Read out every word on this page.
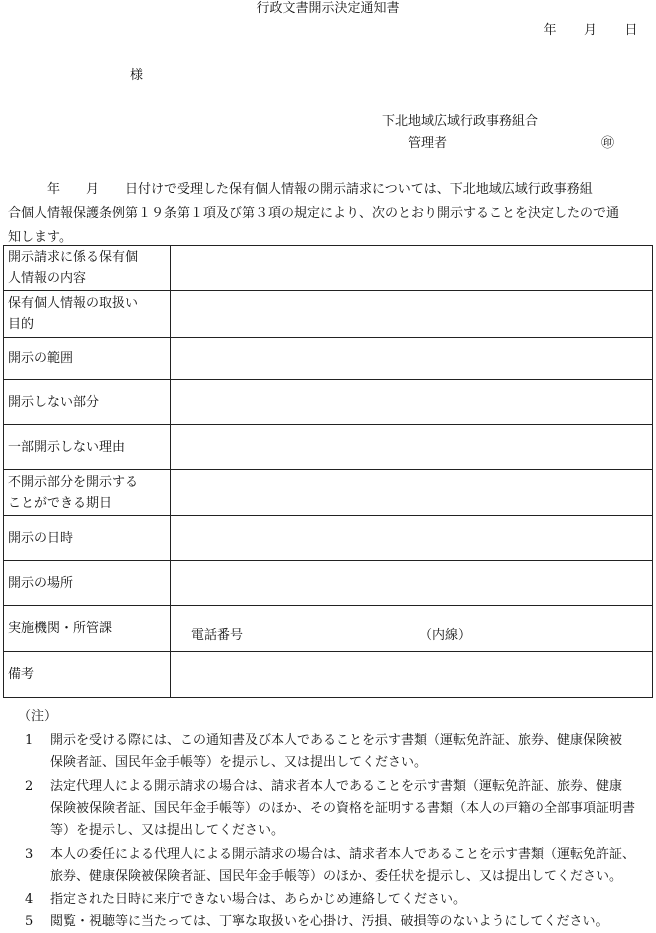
行政文書開示決定通知書
年　　月　　日
様
下北地域広域行政事務組合
管理者	㊞
　　　年　　月　　日付けで受理した保有個人情報の開示請求については、下北地域広域行政事務組
合個人情報保護条例第１９条第１項及び第３項の規定により、次のとおり開示することを決定したので通
知します。
開示請求に係る保有個
人情報の内容	

保有個人情報の取扱い
目的	

開示の範囲	

開示しない部分	

一部開示しない理由	

不開示部分を開示する
ことができる期日	

開示の日時	

開示の場所	

実施機関・所管課	電話番号 （内線）

備考	

（注）
1 開示を受ける際には、この通知書及び本人であることを示す書類（運転免許証、旅券、健康保険被
保険者証、国民年金手帳等）を提示し、又は提出してください。
2 法定代理人による開示請求の場合は、請求者本人であることを示す書類（運転免許証、旅券、健康
保険被保険者証、国民年金手帳等）のほか、その資格を証明する書類（本人の戸籍の全部事項証明書
等）を提示し、又は提出してください。
3 本人の委任による代理人による開示請求の場合は、請求者本人であることを示す書類（運転免許証、
旅券、健康保険被保険者証、国民年金手帳等）のほか、委任状を提示し、又は提出してください。
4 指定された日時に来庁できない場合は、あらかじめ連絡してください。
5 閲覧・視聴等に当たっては、丁寧な取扱いを心掛け、汚損、破損等のないようにしてください。
